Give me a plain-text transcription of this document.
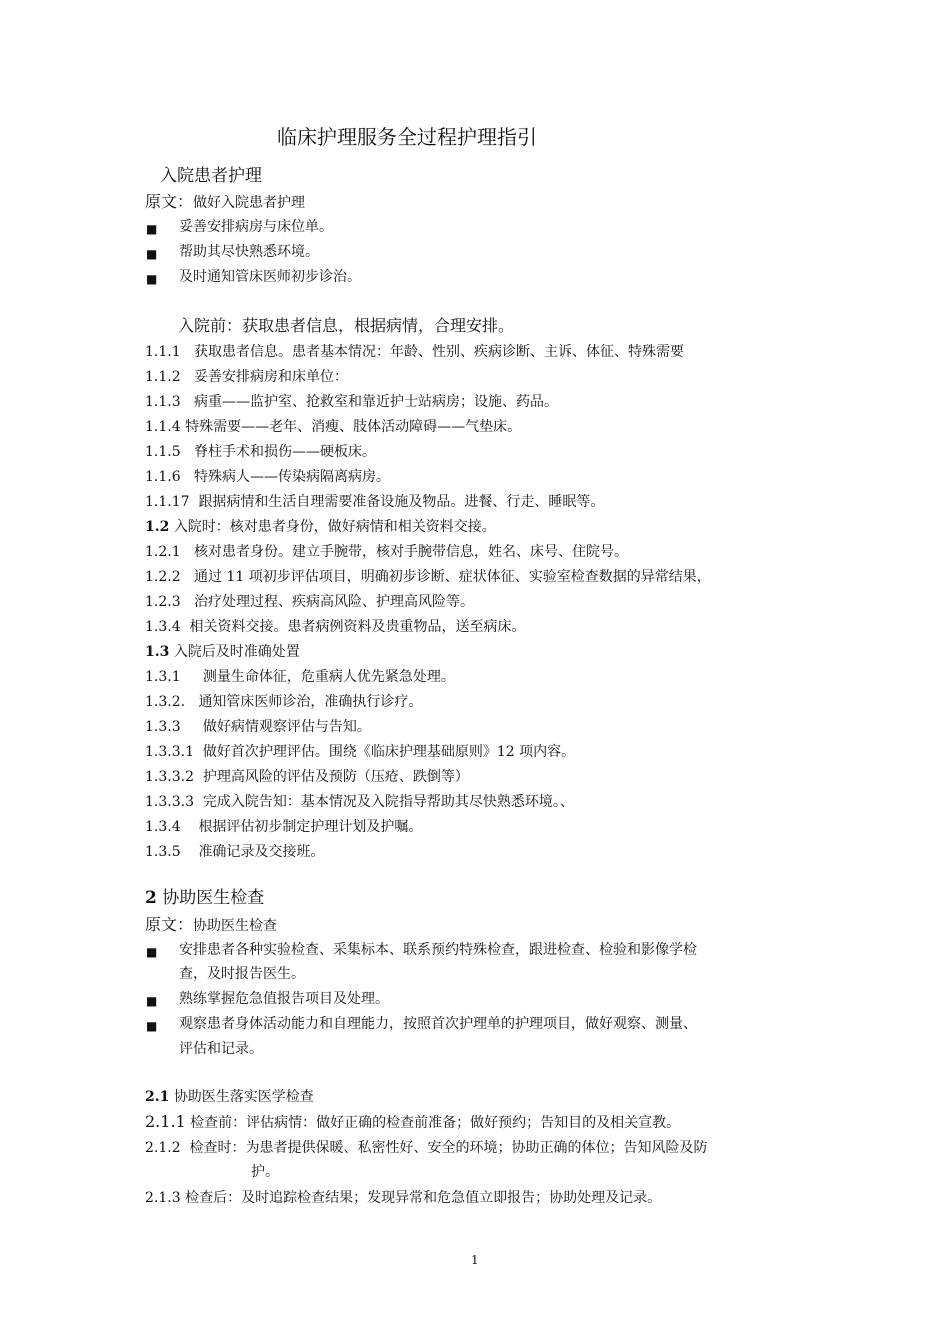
临床护理服务全过程护理指引
入院患者护理
原文：做好入院患者护理
■ 妥善安排病房与床位单。
■ 帮助其尽快熟悉环境。
■ 及时通知管床医师初步诊治。
入院前：获取患者信息，根据病情，合理安排。
1.1.1 获取患者信息。患者基本情况：年龄、性别、疾病诊断、主诉、体征、特殊需要
1.1.2 妥善安排病房和床单位：
1.1.3 病重——监护室、抢救室和靠近护士站病房；设施、药品。
1.1.4 特殊需要——老年、消瘦、肢体活动障碍——气垫床。
1.1.5 脊柱手术和损伤——硬板床。
1.1.6 特殊病人——传染病隔离病房。
1.1.17 跟据病情和生活自理需要准备设施及物品。进餐、行走、睡眠等。
1.2 入院时：核对患者身份，做好病情和相关资料交接。
1.2.1 核对患者身份。建立手腕带，核对手腕带信息，姓名、床号、住院号。
1.2.2 通过 11 项初步评估项目，明确初步诊断、症状体征、实验室检查数据的异常结果，
1.2.3 治疗处理过程、疾病高风险、护理高风险等。
1.3.4 相关资料交接。患者病例资料及贵重物品，送至病床。
1.3 入院后及时准确处置
1.3.1 测量生命体征，危重病人优先紧急处理。
1.3.2. 通知管床医师诊治，准确执行诊疗。
1.3.3 做好病情观察评估与告知。
1.3.3.1 做好首次护理评估。围绕《临床护理基础原则》12 项内容。
1.3.3.2 护理高风险的评估及预防（压疮、跌倒等）
1.3.3.3 完成入院告知：基本情况及入院指导帮助其尽快熟悉环境。、
1.3.4 根据评估初步制定护理计划及护嘱。
1.3.5 准确记录及交接班。
2 协助医生检查
原文：协助医生检查
■ 安排患者各种实验检查、采集标本、联系预约特殊检查，跟进检查、检验和影像学检
查，及时报告医生。
■ 熟练掌握危急值报告项目及处理。
■ 观察患者身体活动能力和自理能力，按照首次护理单的护理项目，做好观察、测量、
评估和记录。
2.1 协助医生落实医学检查
2.1.1 检查前：评估病情：做好正确的检查前准备；做好预约；告知目的及相关宣教。
2.1.2 检查时：为患者提供保暖、私密性好、安全的环境；协助正确的体位；告知风险及防
护。
2.1.3 检查后：及时追踪检查结果；发现异常和危急值立即报告；协助处理及记录。
1
